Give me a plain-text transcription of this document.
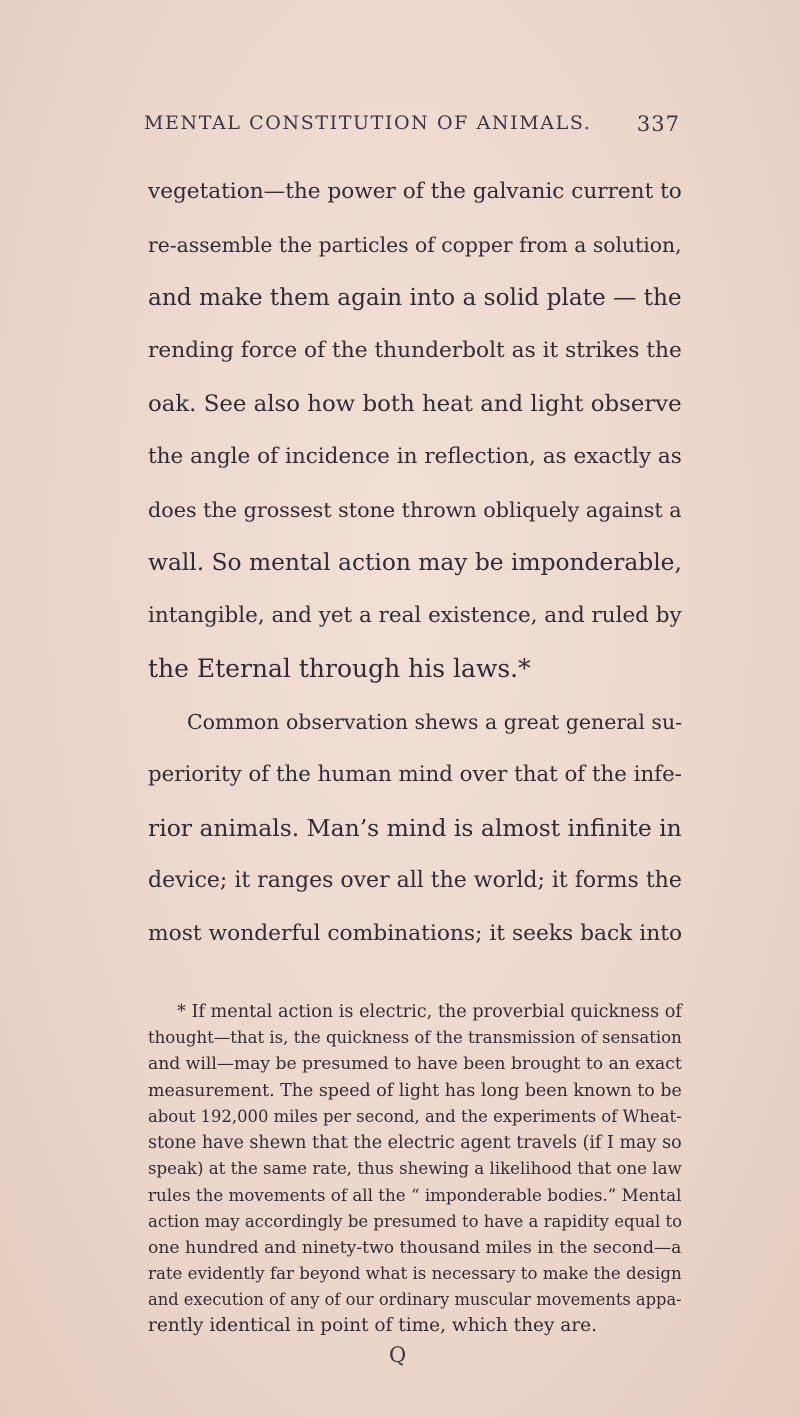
MENTAL CONSTITUTION OF ANIMALS. 337
vegetation—the power of the galvanic current to
re-assemble the particles of copper from a solution,
and make them again into a solid plate — the
rending force of the thunderbolt as it strikes the
oak. See also how both heat and light observe
the angle of incidence in reflection, as exactly as
does the grossest stone thrown obliquely against a
wall. So mental action may be imponderable,
intangible, and yet a real existence, and ruled by
the Eternal through his laws.*
Common observation shews a great general su-
periority of the human mind over that of the infe-
rior animals. Man’s mind is almost infinite in
device; it ranges over all the world; it forms the
most wonderful combinations; it seeks back into
* If mental action is electric, the proverbial quickness of
thought—that is, the quickness of the transmission of sensation
and will—may be presumed to have been brought to an exact
measurement. The speed of light has long been known to be
about 192,000 miles per second, and the experiments of Wheat-
stone have shewn that the electric agent travels (if I may so
speak) at the same rate, thus shewing a likelihood that one law
rules the movements of all the “ imponderable bodies.” Mental
action may accordingly be presumed to have a rapidity equal to
one hundred and ninety-two thousand miles in the second—a
rate evidently far beyond what is necessary to make the design
and execution of any of our ordinary muscular movements appa-
rently identical in point of time, which they are.
Q
